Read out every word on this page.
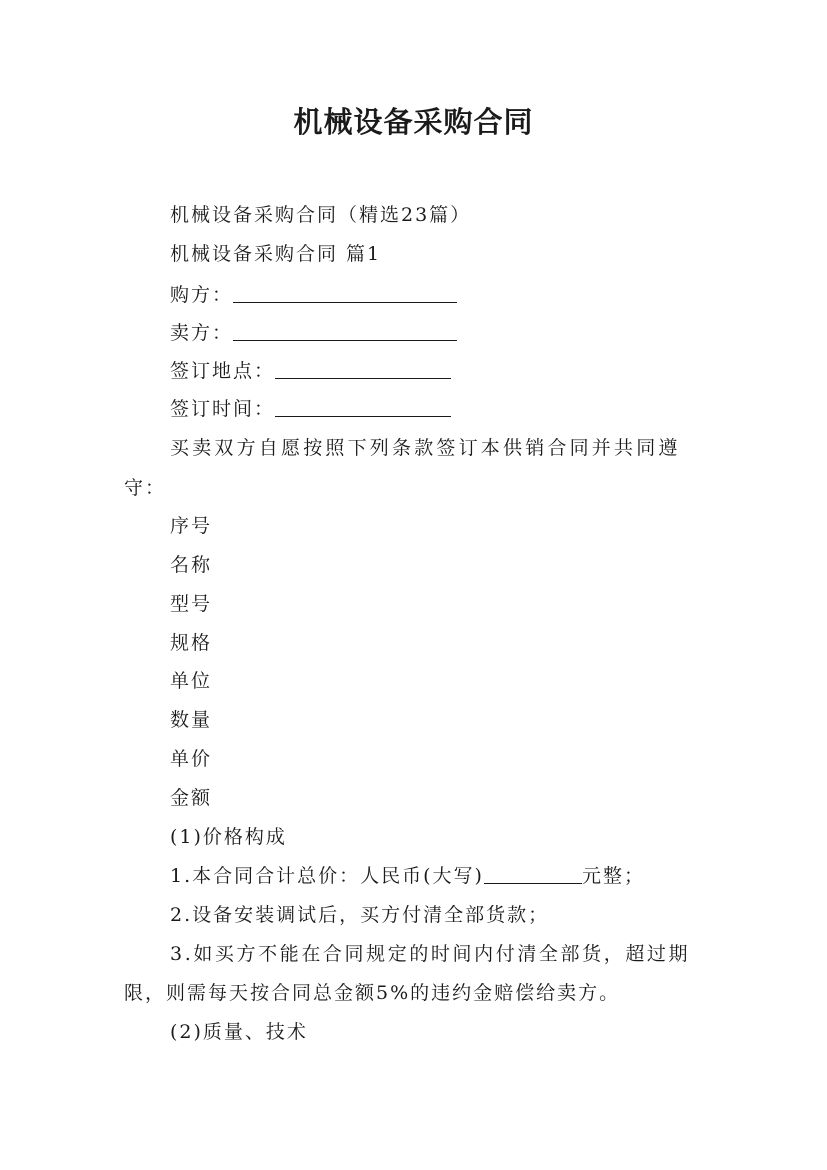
机械设备采购合同
机械设备采购合同（精选23篇）
机械设备采购合同 篇1
购方：
卖方：
签订地点：
签订时间：
买卖双方自愿按照下列条款签订本供销合同并共同遵
守：
序号
名称
型号
规格
单位
数量
单价
金额
(1)价格构成
1.本合同合计总价：人民币(大写)	元整；
2.设备安装调试后，买方付清全部货款；
3.如买方不能在合同规定的时间内付清全部货，超过期
限，则需每天按合同总金额5%的违约金赔偿给卖方。
(2)质量、技术
